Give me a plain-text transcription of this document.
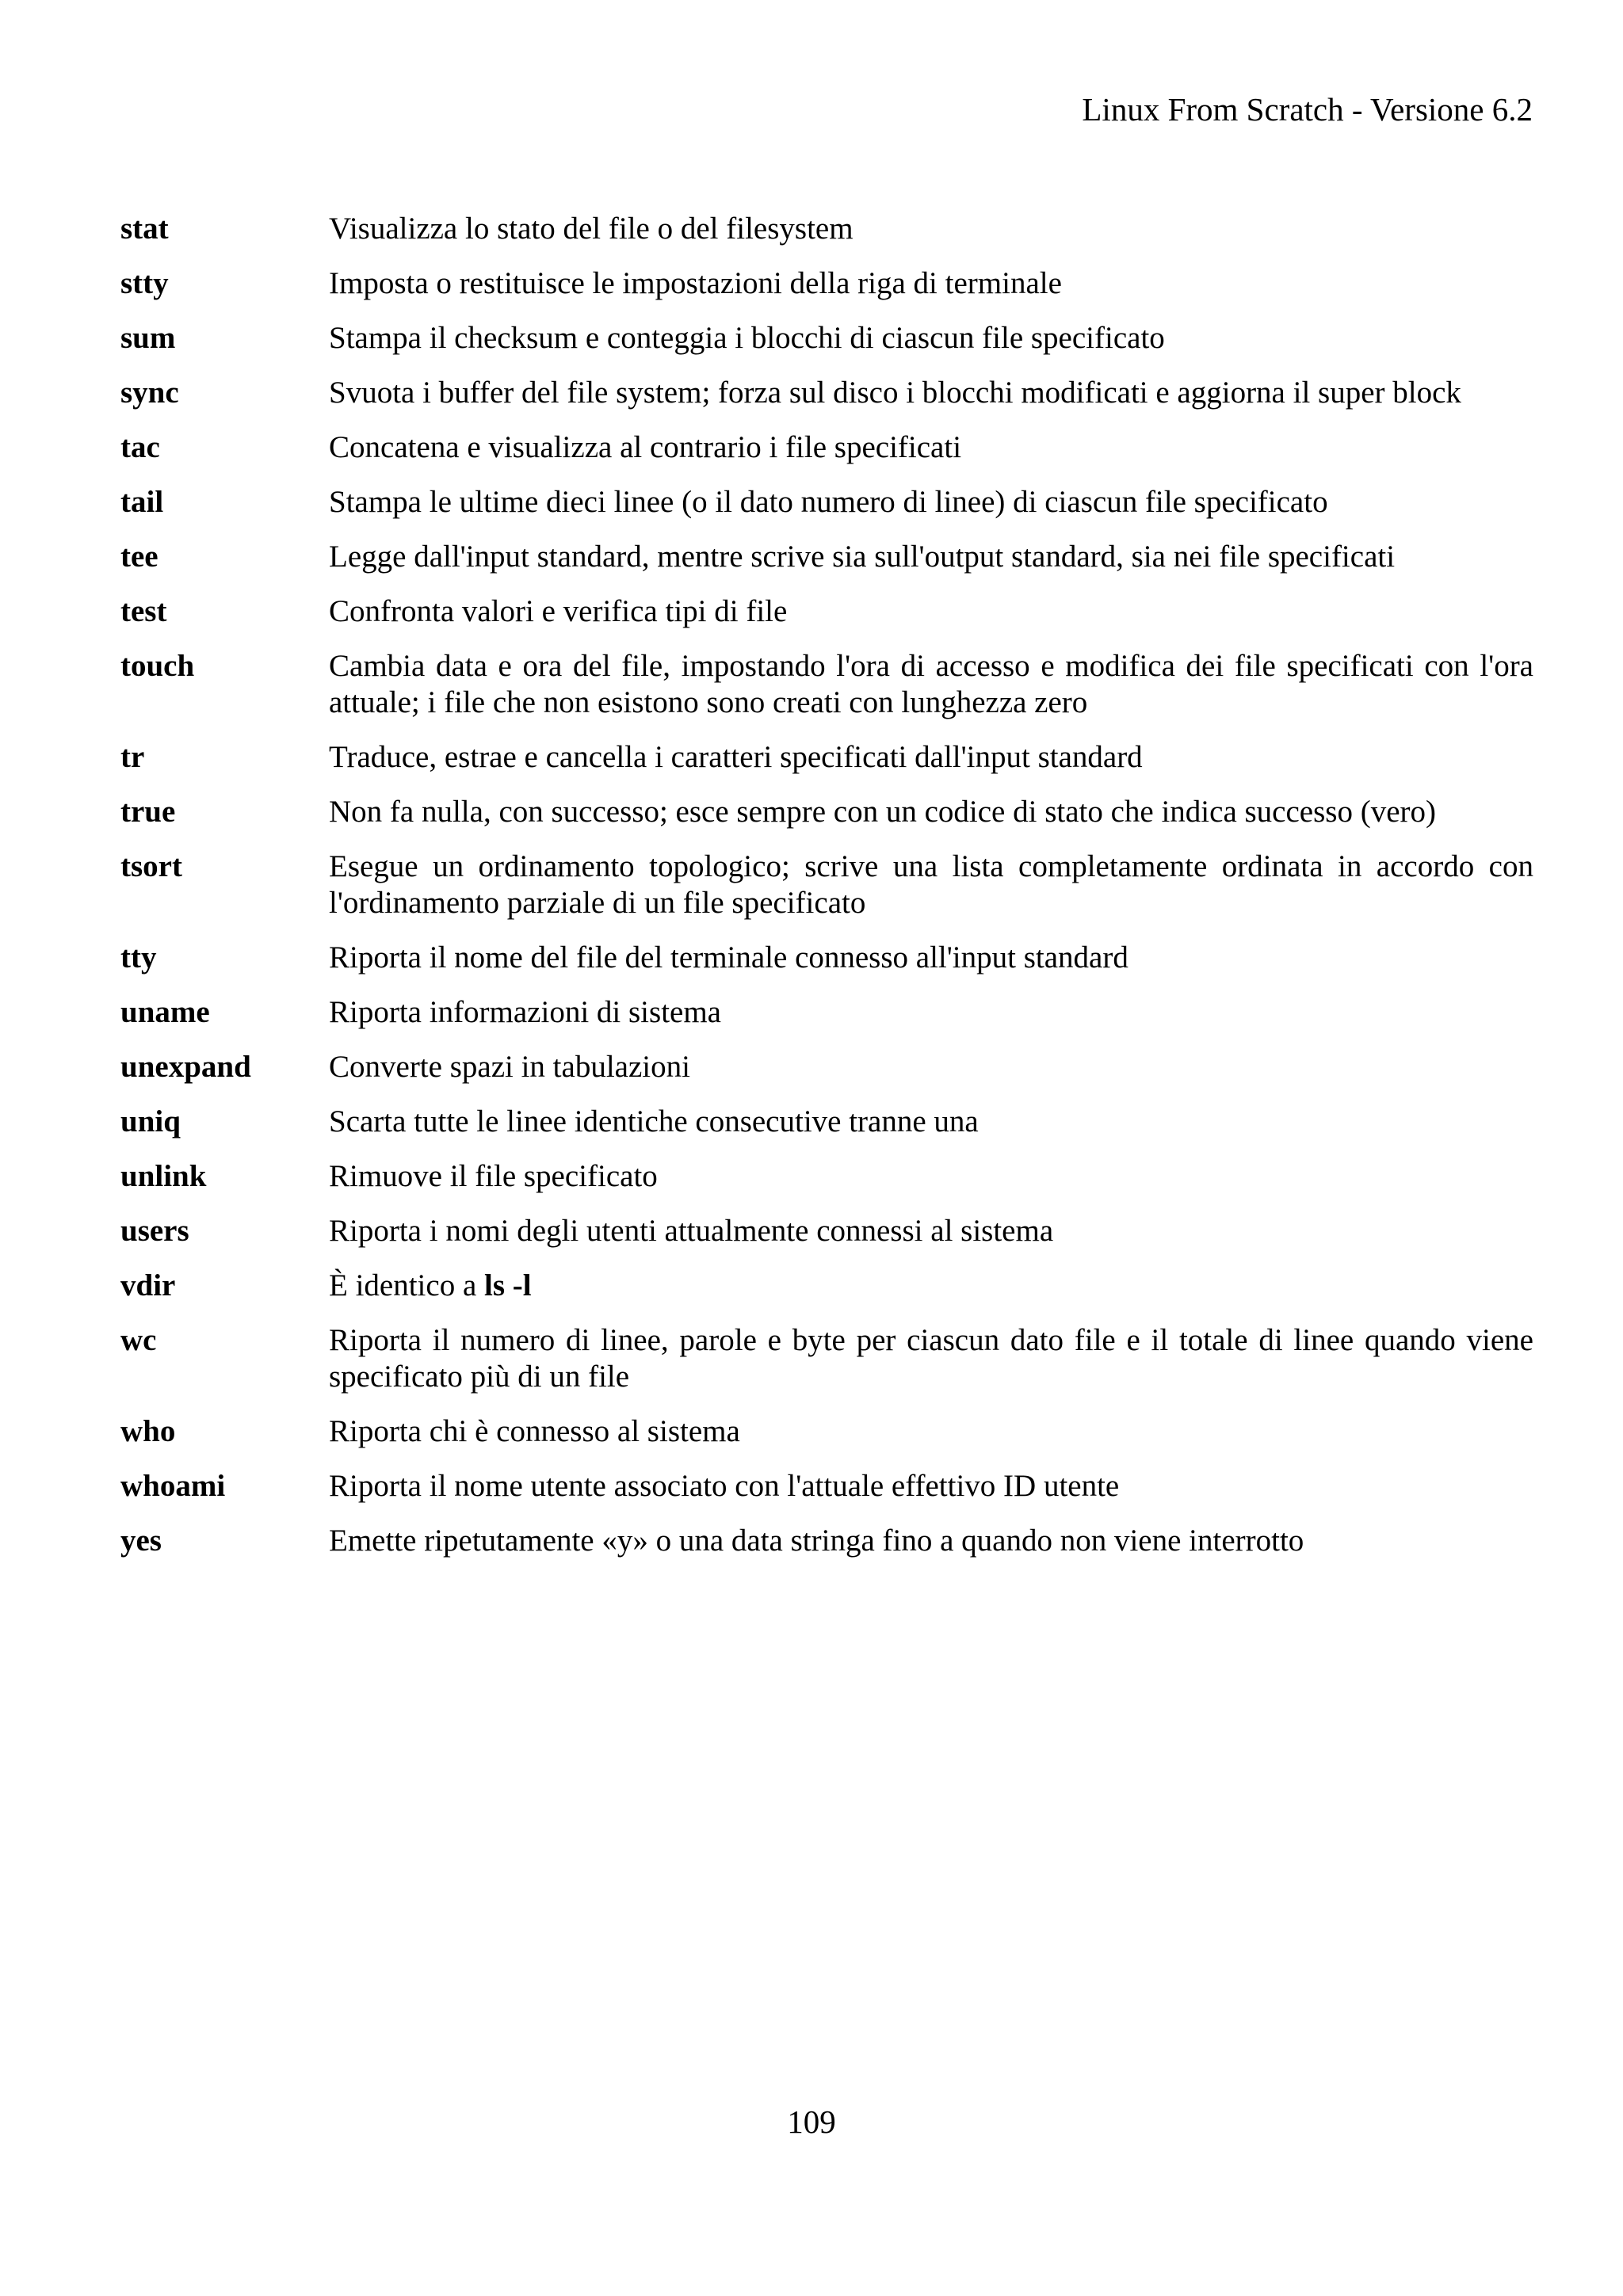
Linux From Scratch - Versione 6.2
stat	Visualizza lo stato del file o del filesystem
stty	Imposta o restituisce le impostazioni della riga di terminale
sum	Stampa il checksum e conteggia i blocchi di ciascun file specificato
sync	Svuota i buffer del file system; forza sul disco i blocchi modificati e aggiorna il super block
tac	Concatena e visualizza al contrario i file specificati
tail	Stampa le ultime dieci linee (o il dato numero di linee) di ciascun file specificato
tee	Legge dall'input standard, mentre scrive sia sull'output standard, sia nei file specificati
test	Confronta valori e verifica tipi di file
touch	Cambia data e ora del file, impostando l'ora di accesso e modifica dei file specificati con l'ora attuale; i file che non esistono sono creati con lunghezza zero
tr	Traduce, estrae e cancella i caratteri specificati dall'input standard
true	Non fa nulla, con successo; esce sempre con un codice di stato che indica successo (vero)
tsort	Esegue un ordinamento topologico; scrive una lista completamente ordinata in accordo con l'ordinamento parziale di un file specificato
tty	Riporta il nome del file del terminale connesso all'input standard
uname	Riporta informazioni di sistema
unexpand	Converte spazi in tabulazioni
uniq	Scarta tutte le linee identiche consecutive tranne una
unlink	Rimuove il file specificato
users	Riporta i nomi degli utenti attualmente connessi al sistema
vdir	È identico a ls -l
wc	Riporta il numero di linee, parole e byte per ciascun dato file e il totale di linee quando viene specificato più di un file
who	Riporta chi è connesso al sistema
whoami	Riporta il nome utente associato con l'attuale effettivo ID utente
yes	Emette ripetutamente «y» o una data stringa fino a quando non viene interrotto
109
